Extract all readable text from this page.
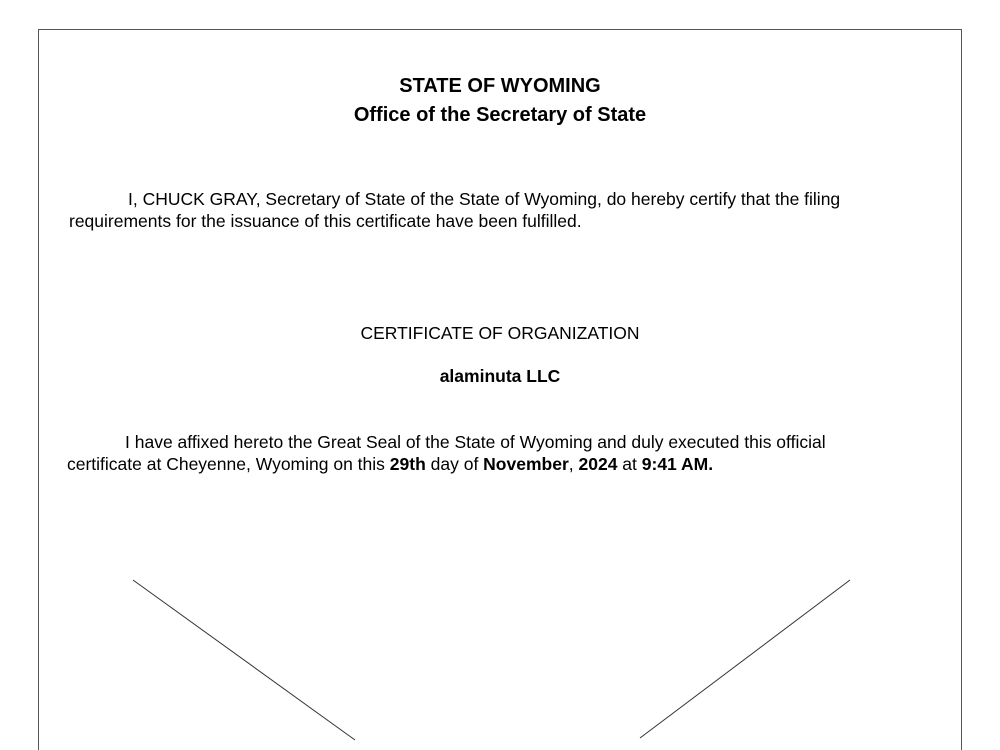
STATE OF WYOMING
Office of the Secretary of State
I, CHUCK GRAY, Secretary of State of the State of Wyoming, do hereby certify that the filing
requirements for the issuance of this certificate have been fulfilled.
CERTIFICATE OF ORGANIZATION
alaminuta LLC
I have affixed hereto the Great Seal of the State of Wyoming and duly executed this official
certificate at Cheyenne, Wyoming on this 29th day of November, 2024 at 9:41 AM.
